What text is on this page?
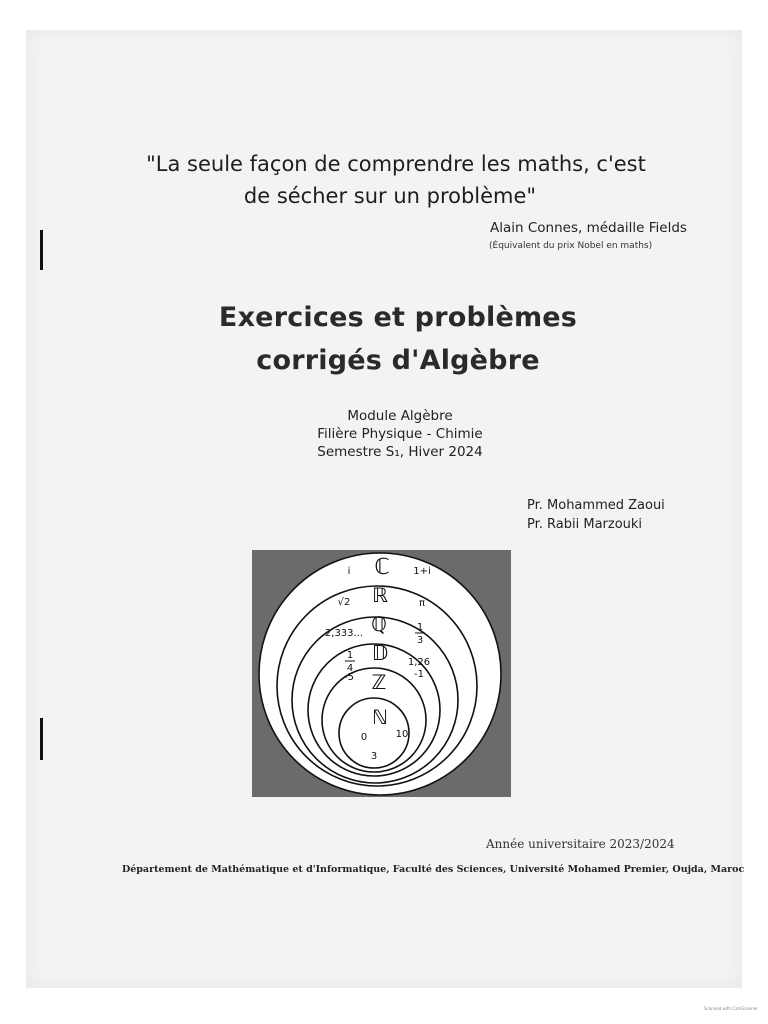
"La seule façon de comprendre les maths, c'est
de sécher sur un problème"
Alain Connes, médaille Fields
(Équivalent du prix Nobel en maths)
Exercices et problèmes
corrigés d'Algèbre
Module Algèbre
Filière Physique - Chimie
Semestre S₁, Hiver 2024
Pr. Mohammed Zaoui
Pr. Rabii Marzouki
ℂ
ℝ
ℚ
𝔻
ℤ
ℕ
i	1+i
√2	π
2,333...
-5	-1
1,26
0	10
3
1
3
1
4
Année universitaire 2023/2024
Département de Mathématique et d'Informatique, Faculté des Sciences, Université Mohamed Premier, Oujda, Maroc
Scanned with CamScanner
